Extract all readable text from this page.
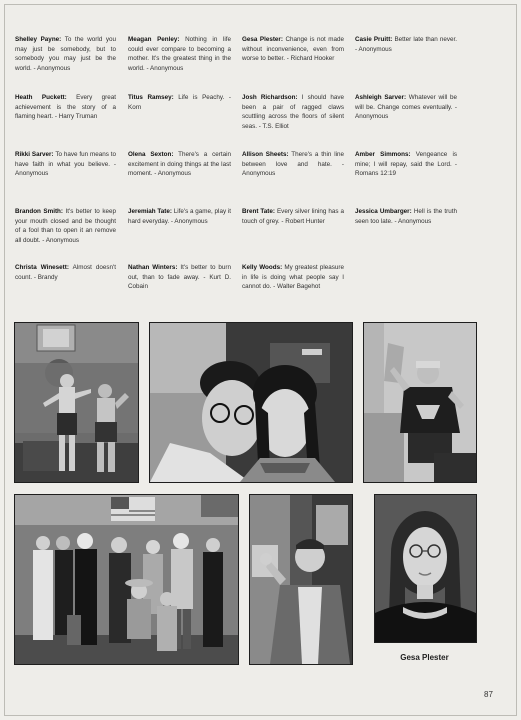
Shelley Payne: To the world you may just be somebody, but to somebody you may just be the world. - Anonymous
Meagan Penley: Nothing in life could ever compare to becoming a mother. It's the greatest thing in the world. - Anonymous
Gesa Plester: Change is not made without inconvenience, even from worse to better. - Richard Hooker
Casie Pruitt: Better late than never. - Anonymous
Heath Puckett: Every great achievement is the story of a flaming heart. - Harry Truman
Titus Ramsey: Life is Peachy. - Korn
Josh Richardson: I should have been a pair of ragged claws scuttling across the floors of silent seas. - T.S. Elliot
Ashleigh Sarver: Whatever will be will be. Change comes eventually. - Anonymous
Rikki Sarver: To have fun means to have faith in what you believe. - Anonymous
Olena Sexton: There's a certain excitement in doing things at the last moment. - Anonymous
Allison Sheets: There's a thin line between love and hate. - Anonymous
Amber Simmons: Vengeance is mine; I will repay, said the Lord. - Romans 12:19
Brandon Smith: It's better to keep your mouth closed and be thought of a fool than to open it an remove all doubt. - Anonymous
Jeremiah Tate: Life's a game, play it hard everyday. - Anonymous
Brent Tate: Every silver lining has a touch of grey. - Robert Hunter
Jessica Umbarger: Hell is the truth seen too late. - Anonymous
Christa Winesett: Almost doesn't count. - Brandy
Nathan Winters: It's better to burn out, than to fade away. - Kurt D. Cobain
Kelly Woods: My greatest pleasure in life is doing what people say I cannot do. - Walter Bagehot
Gesa Plester
87
